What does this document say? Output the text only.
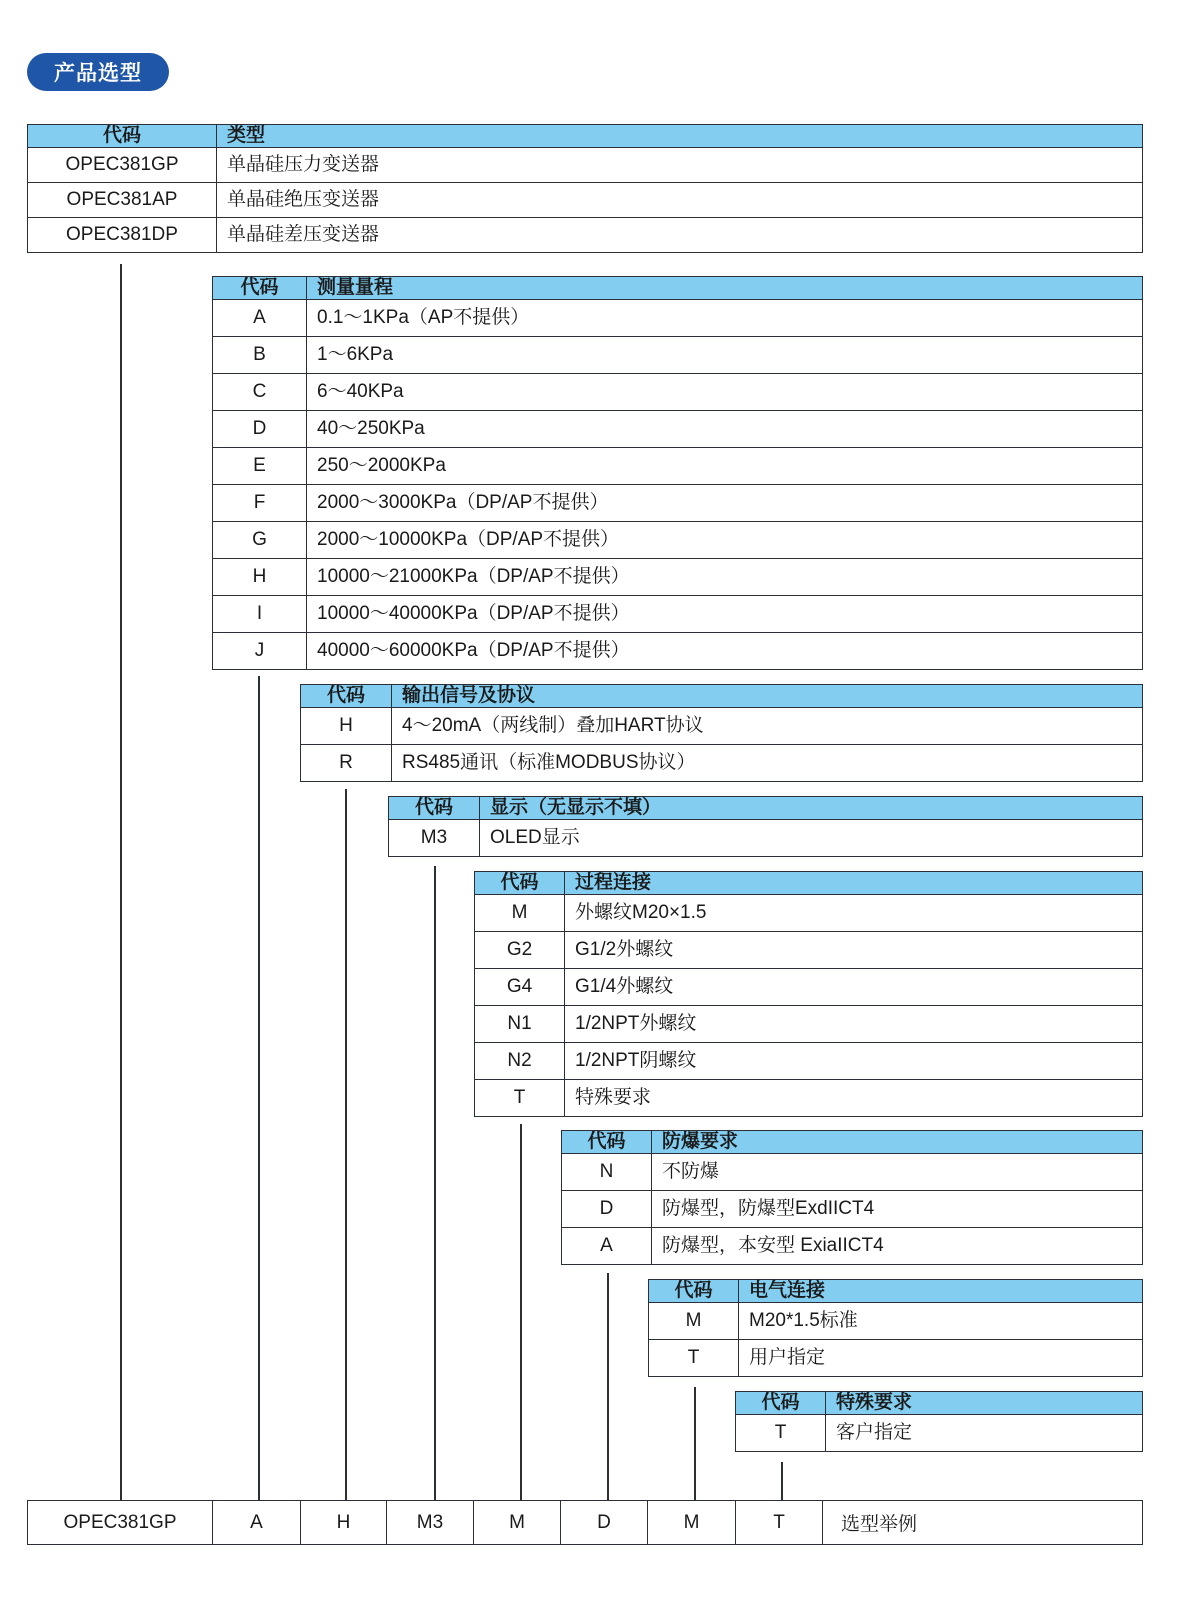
产品选型
代码	类型
OPEC381GP	单晶硅压力变送器
OPEC381AP	单晶硅绝压变送器
OPEC381DP	单晶硅差压变送器
代码	测量量程
A	0.1～1KPa（AP不提供）
B	1～6KPa
C	6～40KPa
D	40～250KPa
E	250～2000KPa
F	2000～3000KPa（DP/AP不提供）
G	2000～10000KPa（DP/AP不提供）
H	10000～21000KPa（DP/AP不提供）
I	10000～40000KPa（DP/AP不提供）
J	40000～60000KPa（DP/AP不提供）
代码	输出信号及协议
H	4～20mA（两线制）叠加HART协议
R	RS485通讯（标准MODBUS协议）
代码	显示（无显示不填）
M3	OLED显示
代码	过程连接
M	外螺纹M20×1.5
G2	G1/2外螺纹
G4	G1/4外螺纹
N1	1/2NPT外螺纹
N2	1/2NPT阴螺纹
T	特殊要求
代码	防爆要求
N	不防爆
D	防爆型，防爆型ExdIICT4
A	防爆型，本安型 ExiaIICT4
代码	电气连接
M	M20*1.5标准
T	用户指定
代码	特殊要求
T	客户指定
OPEC381GP	A	H	M3	M	D	M	T	选型举例
